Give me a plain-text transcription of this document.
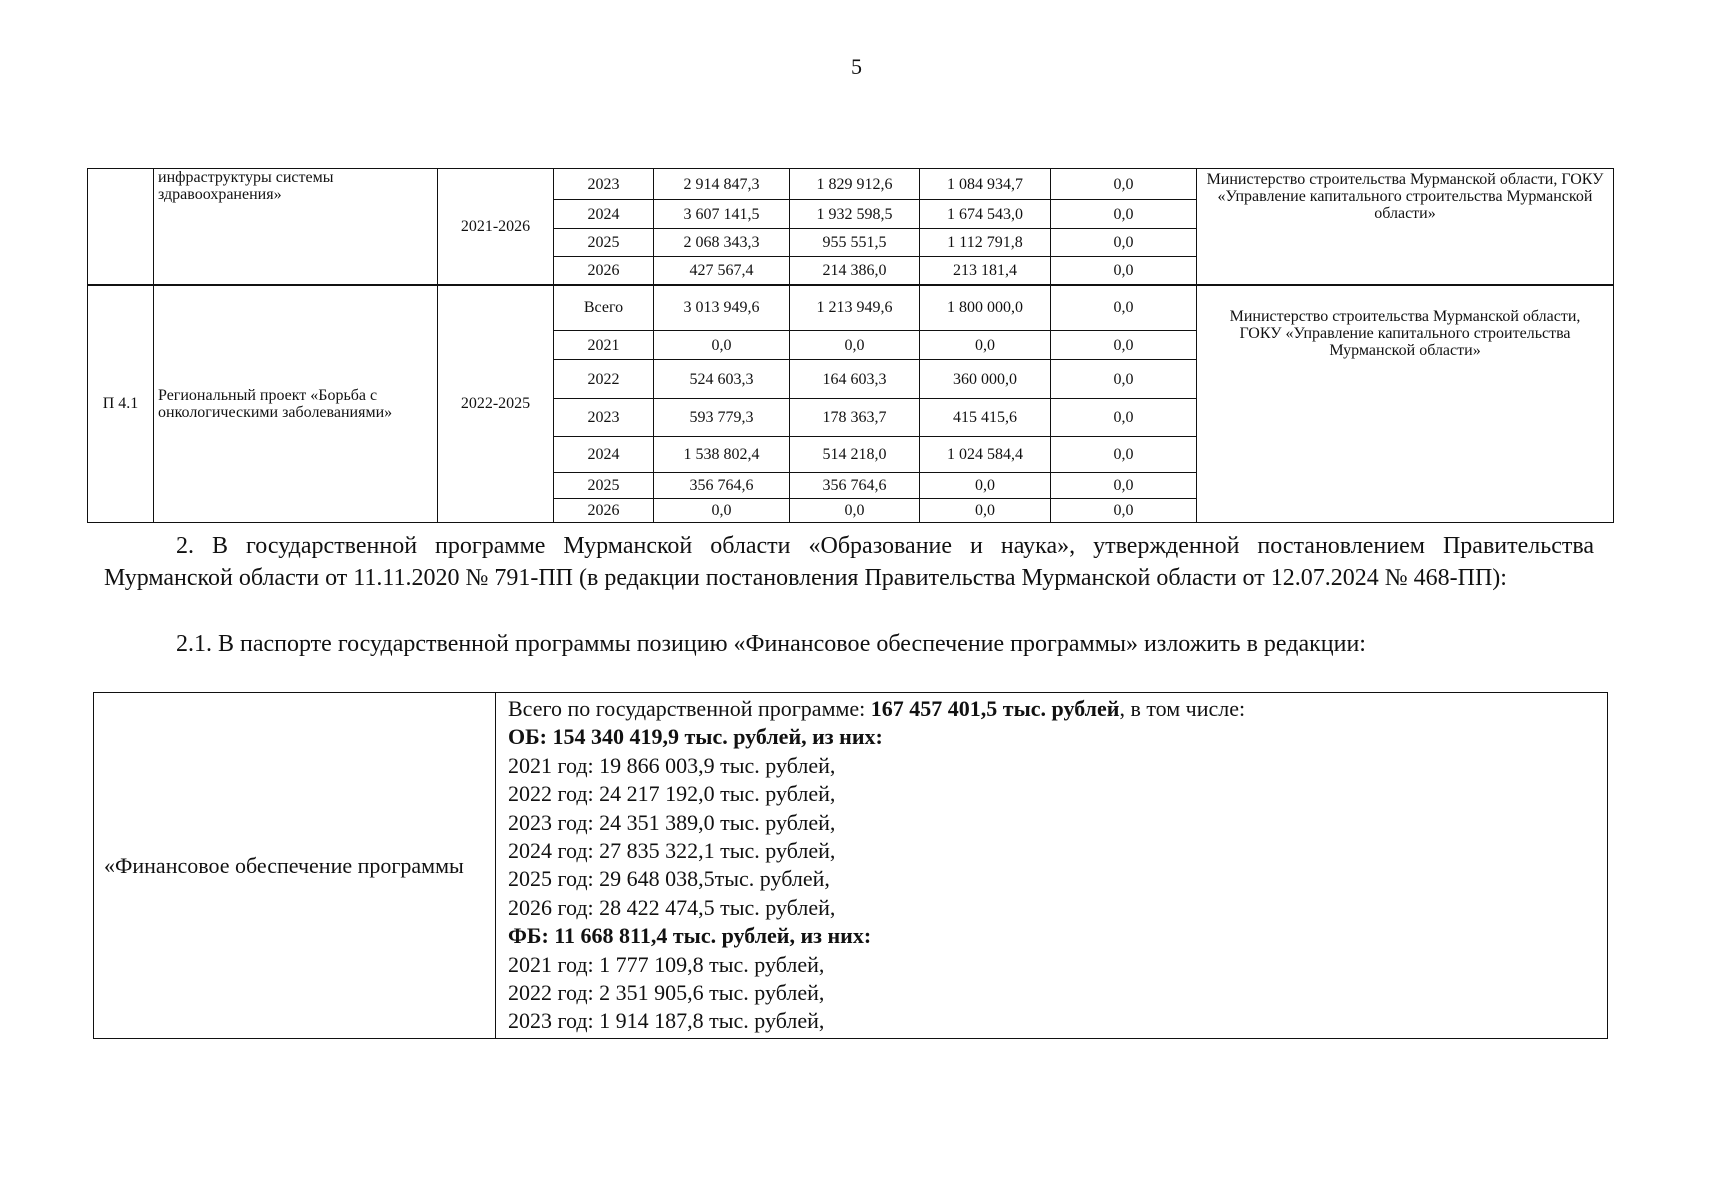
5
	инфраструктуры системы здравоохранения»	2021-2026	2023	2 914 847,3	1 829 912,6	1 084 934,7	0,0	Министерство строительства Мурманской области, ГОКУ «Управление капитального строительства Мурманской области»
			2024	3 607 141,5	1 932 598,5	1 674 543,0	0,0	
			2025	2 068 343,3	955 551,5	1 112 791,8	0,0	
			2026	427 567,4	214 386,0	213 181,4	0,0	
П 4.1	Региональный проект «Борьба с онкологическими заболеваниями»	2022-2025	Всего	3 013 949,6	1 213 949,6	1 800 000,0	0,0	Министерство строительства Мурманской области,
ГОКУ «Управление капитального строительства Мурманской области»

			2021	0,0	0,0	0,0	0,0	
			2022	524 603,3	164 603,3	360 000,0	0,0	
			2023	593 779,3	178 363,7	415 415,6	0,0	
			2024	1 538 802,4	514 218,0	1 024 584,4	0,0	
			2025	356 764,6	356 764,6	0,0	0,0	
			2026	0,0	0,0	0,0	0,0	
2. В государственной программе Мурманской области «Образование и наука», утвержденной постановлением Правительства Мурманской области от 11.11.2020 № 791-ПП (в редакции постановления Правительства Мурманской области от 12.07.2024 № 468-ПП):
2.1. В паспорте государственной программы позицию «Финансовое обеспечение программы» изложить в редакции:
«Финансовое обеспечение программы	
Всего по государственной программе: 167 457 401,5 тыс. рублей, в том числе:
ОБ: 154 340 419,9 тыс. рублей, из них:
2021 год: 19 866 003,9 тыс. рублей,
2022 год: 24 217 192,0 тыс. рублей,
2023 год: 24 351 389,0 тыс. рублей,
2024 год: 27 835 322,1 тыс. рублей,
2025 год: 29 648 038,5тыс. рублей,
2026 год: 28 422 474,5 тыс. рублей,
ФБ: 11 668 811,4 тыс. рублей, из них:
2021 год: 1 777 109,8 тыс. рублей,
2022 год: 2 351 905,6 тыс. рублей,
2023 год: 1 914 187,8 тыс. рублей,
